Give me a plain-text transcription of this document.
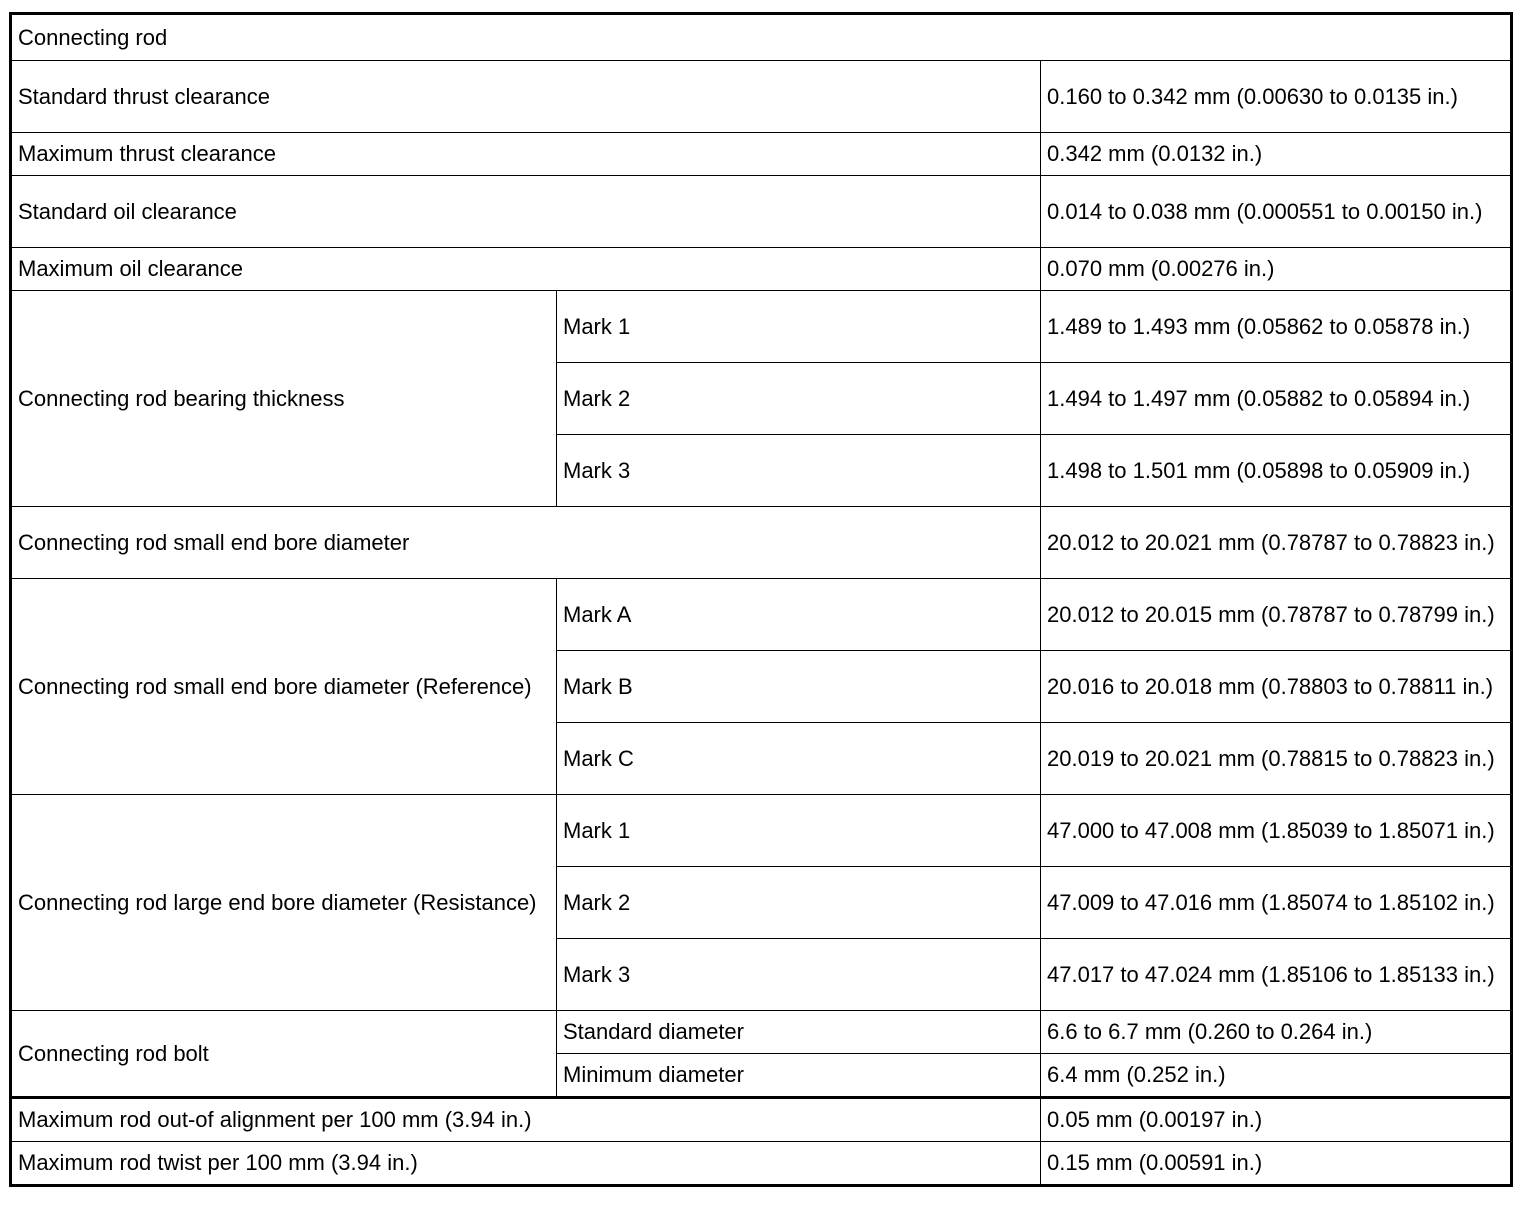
Connecting rod		
Standard thrust clearance		0.160 to 0.342 mm (0.00630 to 0.0135 in.)
Maximum thrust clearance		0.342 mm (0.0132 in.)
Standard oil clearance		0.014 to 0.038 mm (0.000551 to 0.00150 in.)
Maximum oil clearance		0.070 mm (0.00276 in.)
Connecting rod bearing thickness	Mark 1	1.489 to 1.493 mm (0.05862 to 0.05878 in.)
	Mark 2	1.494 to 1.497 mm (0.05882 to 0.05894 in.)
	Mark 3	1.498 to 1.501 mm (0.05898 to 0.05909 in.)
Connecting rod small end bore diameter		20.012 to 20.021 mm (0.78787 to 0.78823 in.)
Connecting rod small end bore diameter (Reference)	Mark A	20.012 to 20.015 mm (0.78787 to 0.78799 in.)
	Mark B	20.016 to 20.018 mm (0.78803 to 0.78811 in.)
	Mark C	20.019 to 20.021 mm (0.78815 to 0.78823 in.)
Connecting rod large end bore diameter (Resistance)	Mark 1	47.000 to 47.008 mm (1.85039 to 1.85071 in.)
	Mark 2	47.009 to 47.016 mm (1.85074 to 1.85102 in.)
	Mark 3	47.017 to 47.024 mm (1.85106 to 1.85133 in.)
Connecting rod bolt	Standard diameter	6.6 to 6.7 mm (0.260 to 0.264 in.)
	Minimum diameter	6.4 mm (0.252 in.)
Maximum rod out-of alignment per 100 mm (3.94 in.)		0.05 mm (0.00197 in.)
Maximum rod twist per 100 mm (3.94 in.)		0.15 mm (0.00591 in.)
